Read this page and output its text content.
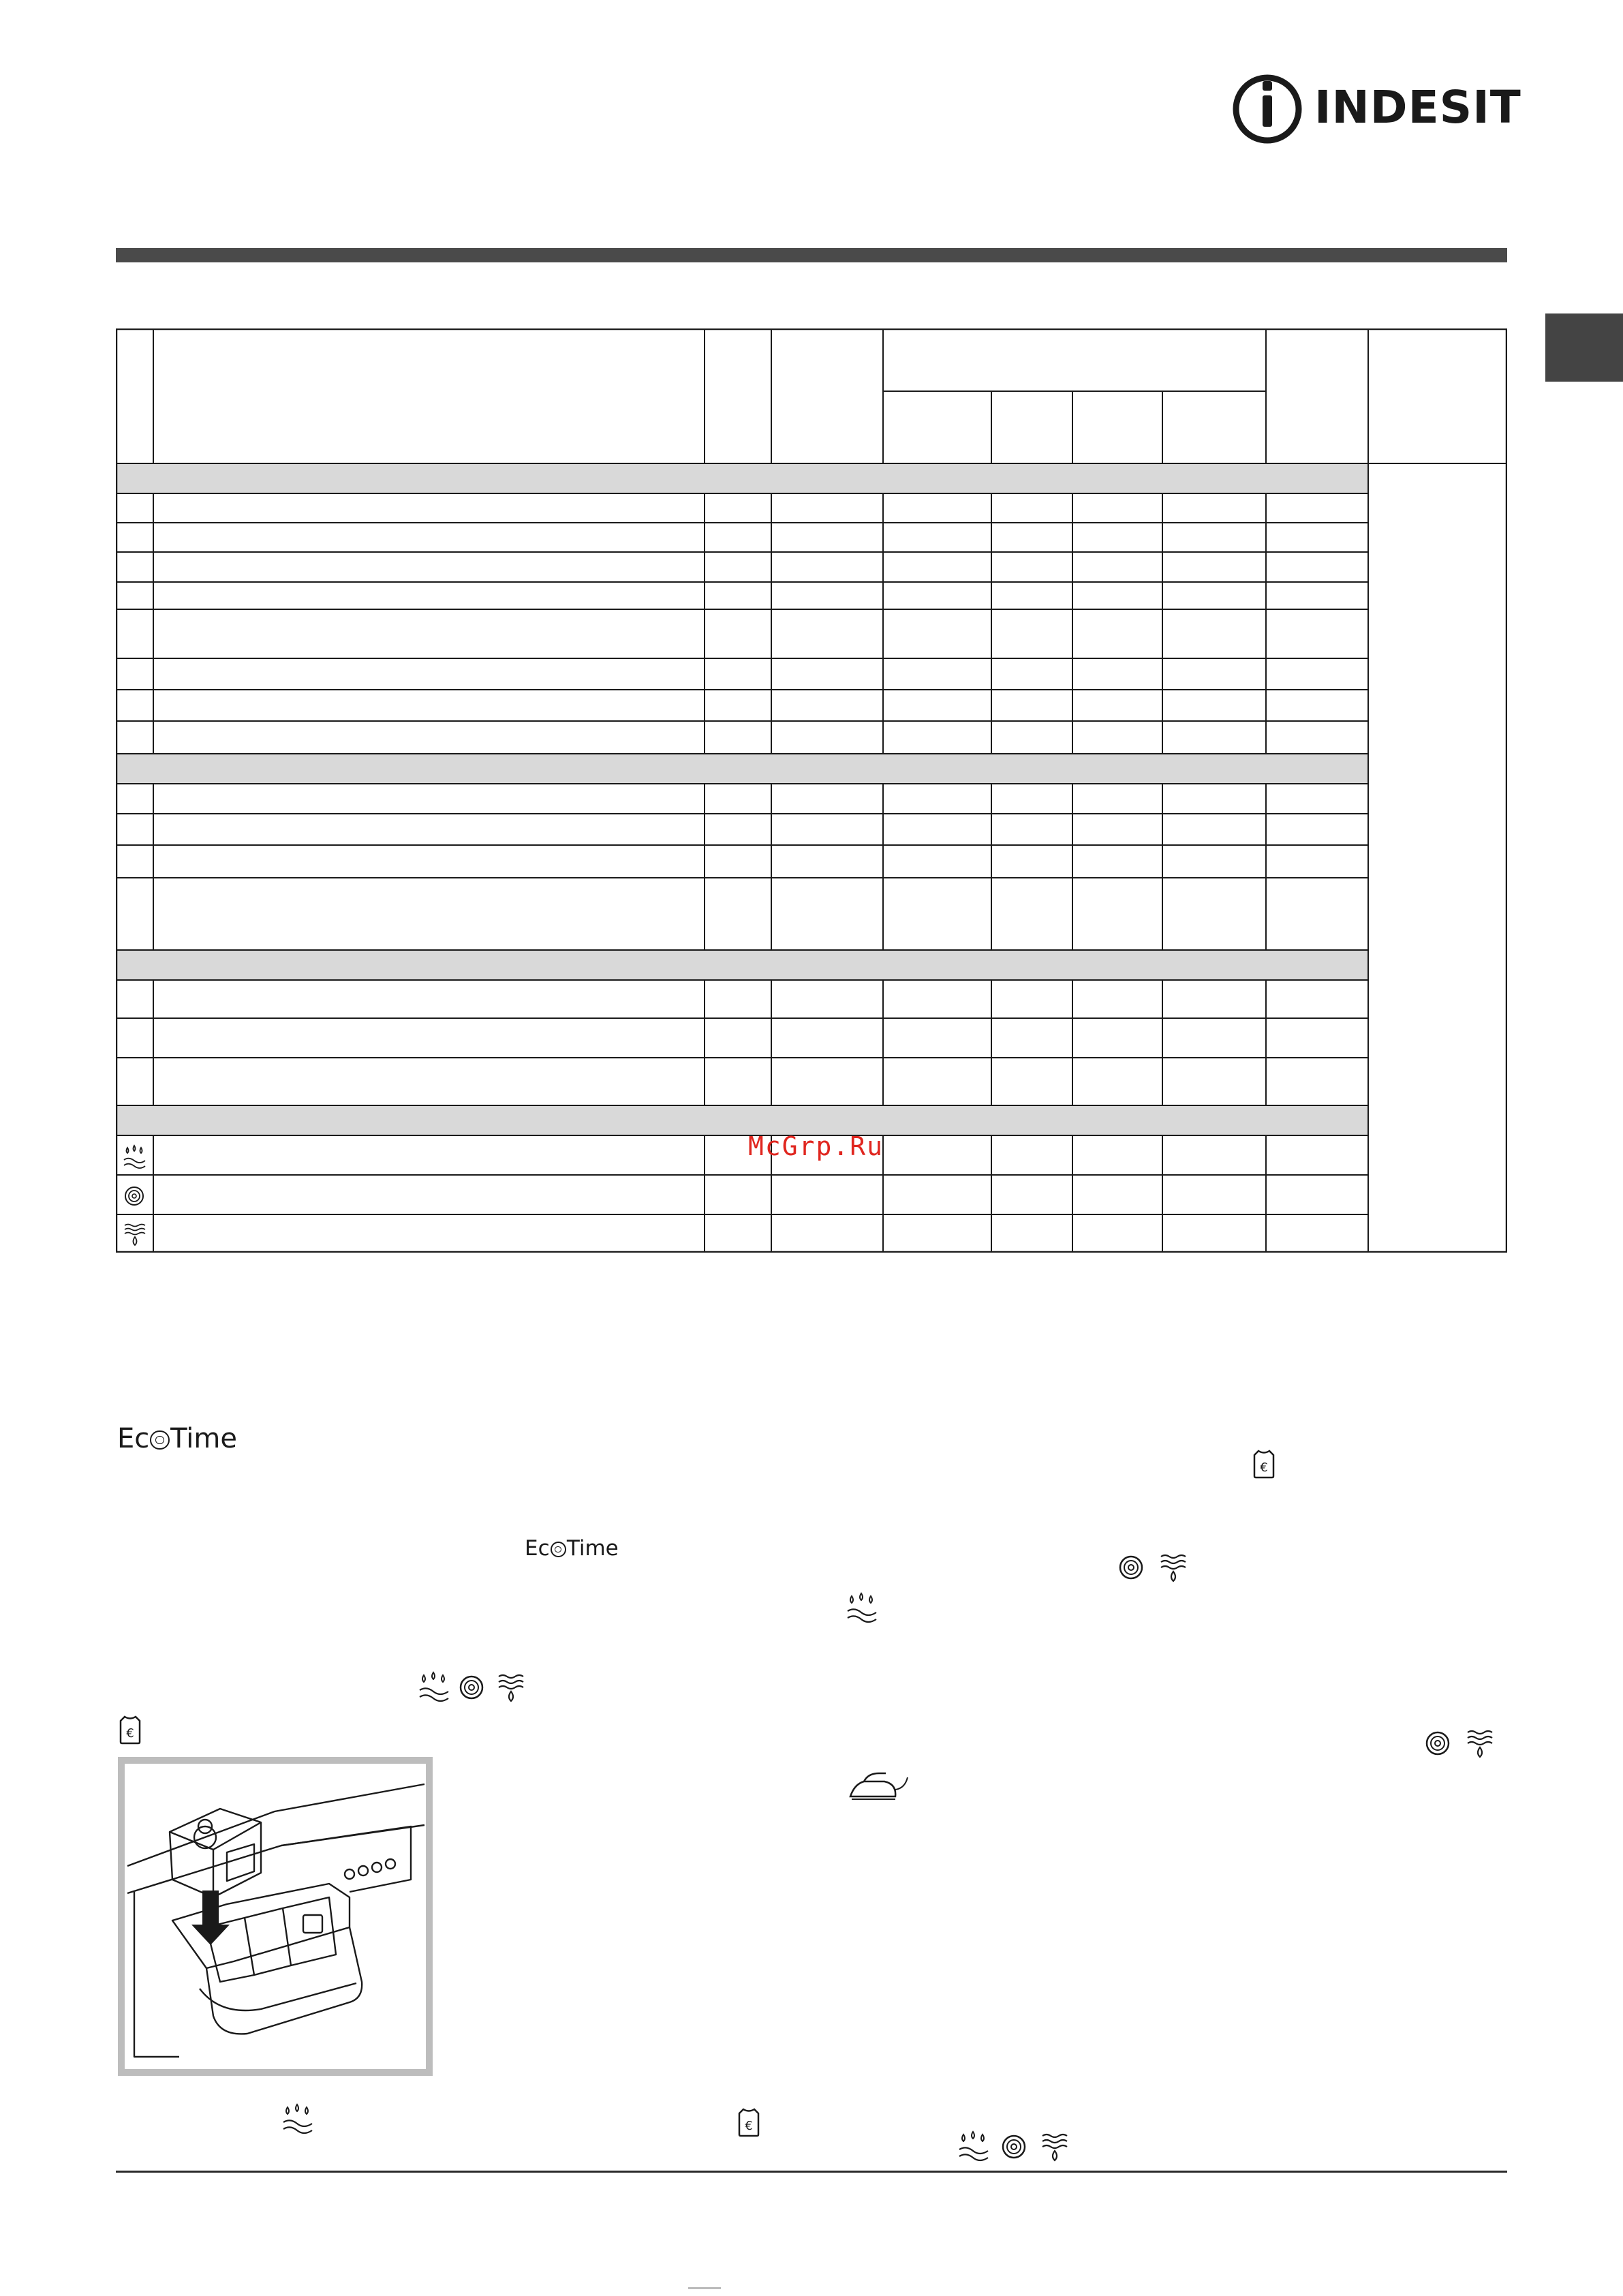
INDESIT
McGrp.Ru
Ec Time
Ec Time
€
€
€
